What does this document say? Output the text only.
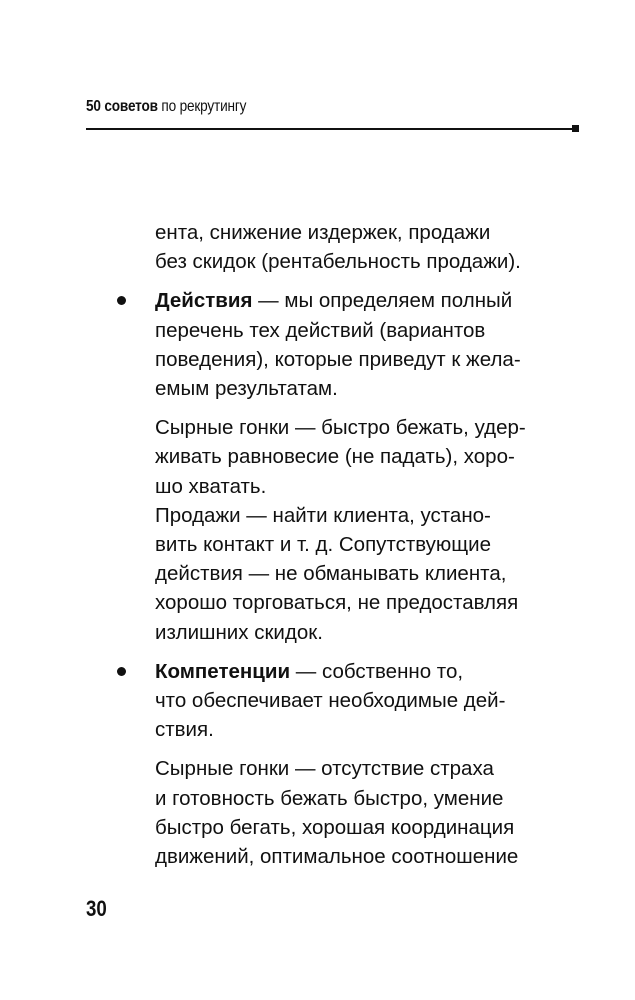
50 советов по рекрутингу
ента, снижение издержек, продажи
без скидок (рентабельность продажи).
Действия — мы определяем полный
перечень тех действий (вариантов
поведения), которые приведут к жела-
емым результатам.
Сырные гонки — быстро бежать, удер-
живать равновесие (не падать), хоро-
шо хватать.
Продажи — найти клиента, устано-
вить контакт и т. д. Сопутствующие
действия — не обманывать клиента,
хорошо торговаться, не предоставляя
излишних скидок.
Компетенции — собственно то,
что обеспечивает необходимые дей-
ствия.
Сырные гонки — отсутствие страха
и готовность бежать быстро, умение
быстро бегать, хорошая координация
движений, оптимальное соотношение
30
